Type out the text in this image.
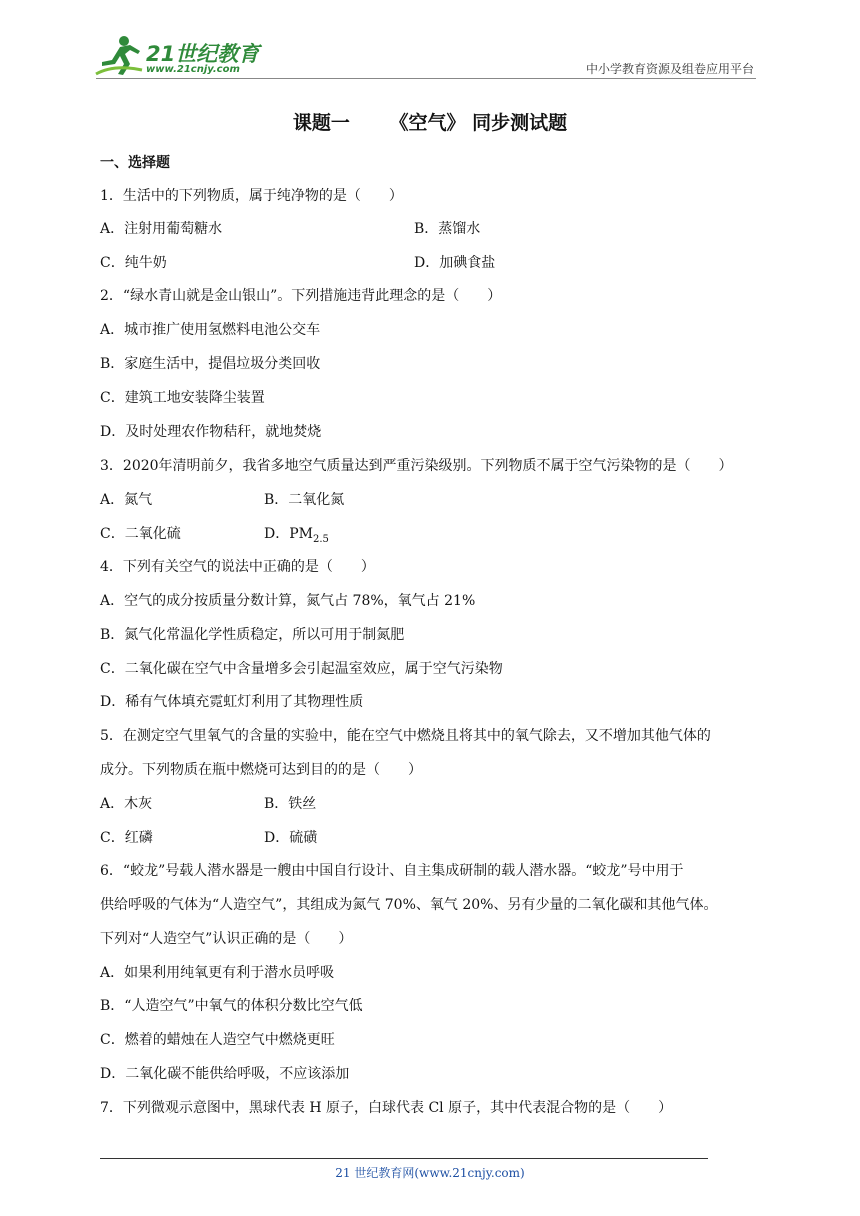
21世纪教育
www.21cnjy.com	中小学教育资源及组卷应用平台
课题一      《空气》 同步测试题
一、选择题
1．生活中的下列物质，属于纯净物的是（　　）
A．注射用葡萄糖水	B．蒸馏水
C．纯牛奶	D．加碘食盐
2．“绿水青山就是金山银山”。下列措施违背此理念的是（　　）
A．城市推广使用氢燃料电池公交车
B．家庭生活中，提倡垃圾分类回收
C．建筑工地安装降尘装置
D．及时处理农作物秸秆，就地焚烧
3．2020年清明前夕，我省多地空气质量达到严重污染级别。下列物质不属于空气污染物的是（　　）
A．氮气	B．二氧化氮
C．二氧化硫	D．$PM_{2.5}$
4．下列有关空气的说法中正确的是（　　）
A．空气的成分按质量分数计算，氮气占 78%，氧气占 21%
B．氮气化常温化学性质稳定，所以可用于制氮肥
C．二氧化碳在空气中含量增多会引起温室效应，属于空气污染物
D．稀有气体填充霓虹灯利用了其物理性质
5．在测定空气里氧气的含量的实验中，能在空气中燃烧且将其中的氧气除去，又不增加其他气体的
成分。下列物质在瓶中燃烧可达到目的的是（　　）
A．木灰	B．铁丝
C．红磷	D．硫磺
6．“蛟龙”号载人潜水器是一艘由中国自行设计、自主集成研制的载人潜水器。“蛟龙”号中用于
供给呼吸的气体为“人造空气”，其组成为氮气 70%、氧气 20%、另有少量的二氧化碳和其他气体。
下列对“人造空气”认识正确的是（　　）
A．如果利用纯氧更有利于潜水员呼吸
B．“人造空气”中氧气的体积分数比空气低
C．燃着的蜡烛在人造空气中燃烧更旺
D．二氧化碳不能供给呼吸，不应该添加
7．下列微观示意图中，黑球代表 H 原子，白球代表 Cl 原子，其中代表混合物的是（　　）
21 世纪教育网(www.21cnjy.com)
